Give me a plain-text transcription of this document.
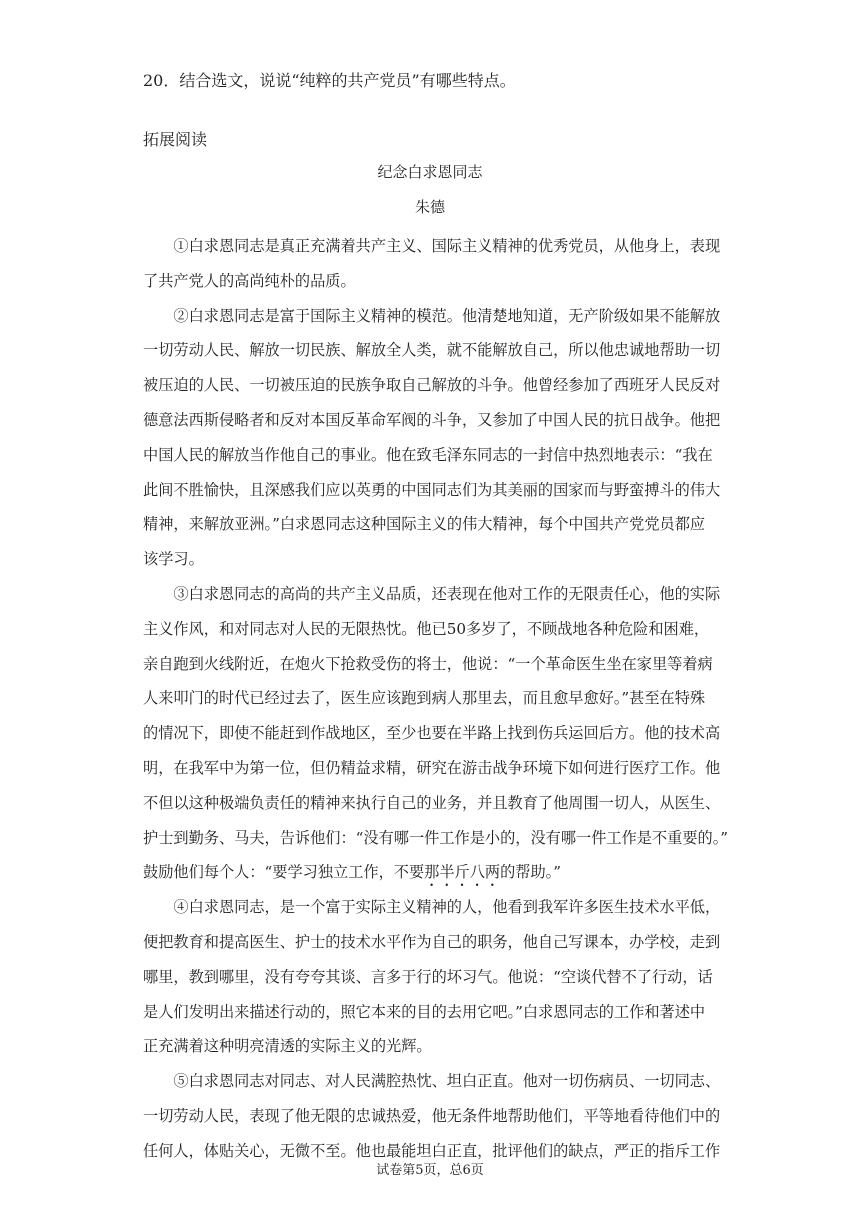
20．结合选文，说说“纯粹的共产党员”有哪些特点。
拓展阅读
纪念白求恩同志
朱德
　　①白求恩同志是真正充满着共产主义、国际主义精神的优秀党员，从他身上，表现
了共产党人的高尚纯朴的品质。
　　②白求恩同志是富于国际主义精神的模范。他清楚地知道，无产阶级如果不能解放
一切劳动人民、解放一切民族、解放全人类，就不能解放自己，所以他忠诚地帮助一切
被压迫的人民、一切被压迫的民族争取自己解放的斗争。他曾经参加了西班牙人民反对
德意法西斯侵略者和反对本国反革命军阀的斗争，又参加了中国人民的抗日战争。他把
中国人民的解放当作他自己的事业。他在致毛泽东同志的一封信中热烈地表示：“我在
此间不胜愉快，且深感我们应以英勇的中国同志们为其美丽的国家而与野蛮搏斗的伟大
精神，来解放亚洲。”白求恩同志这种国际主义的伟大精神，每个中国共产党党员都应
该学习。
　　③白求恩同志的高尚的共产主义品质，还表现在他对工作的无限责任心，他的实际
主义作风，和对同志对人民的无限热忱。他已50多岁了，不顾战地各种危险和困难，
亲自跑到火线附近，在炮火下抢救受伤的将士，他说：“一个革命医生坐在家里等着病
人来叩门的时代已经过去了，医生应该跑到病人那里去，而且愈早愈好。”甚至在特殊
的情况下，即使不能赶到作战地区，至少也要在半路上找到伤兵运回后方。他的技术高
明，在我军中为第一位，但仍精益求精，研究在游击战争环境下如何进行医疗工作。他
不但以这种极端负责任的精神来执行自己的业务，并且教育了他周围一切人，从医生、
护士到勤务、马夫，告诉他们：“没有哪一件工作是小的，没有哪一件工作是不重要的。”
鼓励他们每个人：“要学习独立工作，不要那半斤八两的帮助。”
　　④白求恩同志，是一个富于实际主义精神的人，他看到我军许多医生技术水平低，
便把教育和提高医生、护士的技术水平作为自己的职务，他自己写课本，办学校，走到
哪里，教到哪里，没有夸夸其谈、言多于行的坏习气。他说：“空谈代替不了行动，话
是人们发明出来描述行动的，照它本来的目的去用它吧。”白求恩同志的工作和著述中
正充满着这种明亮清透的实际主义的光辉。
　　⑤白求恩同志对同志、对人民满腔热忱、坦白正直。他对一切伤病员、一切同志、
一切劳动人民，表现了他无限的忠诚热爱，他无条件地帮助他们，平等地看待他们中的
任何人，体贴关心，无微不至。他也最能坦白正直，批评他们的缺点，严正的指斥工作
试卷第5页，总6页
